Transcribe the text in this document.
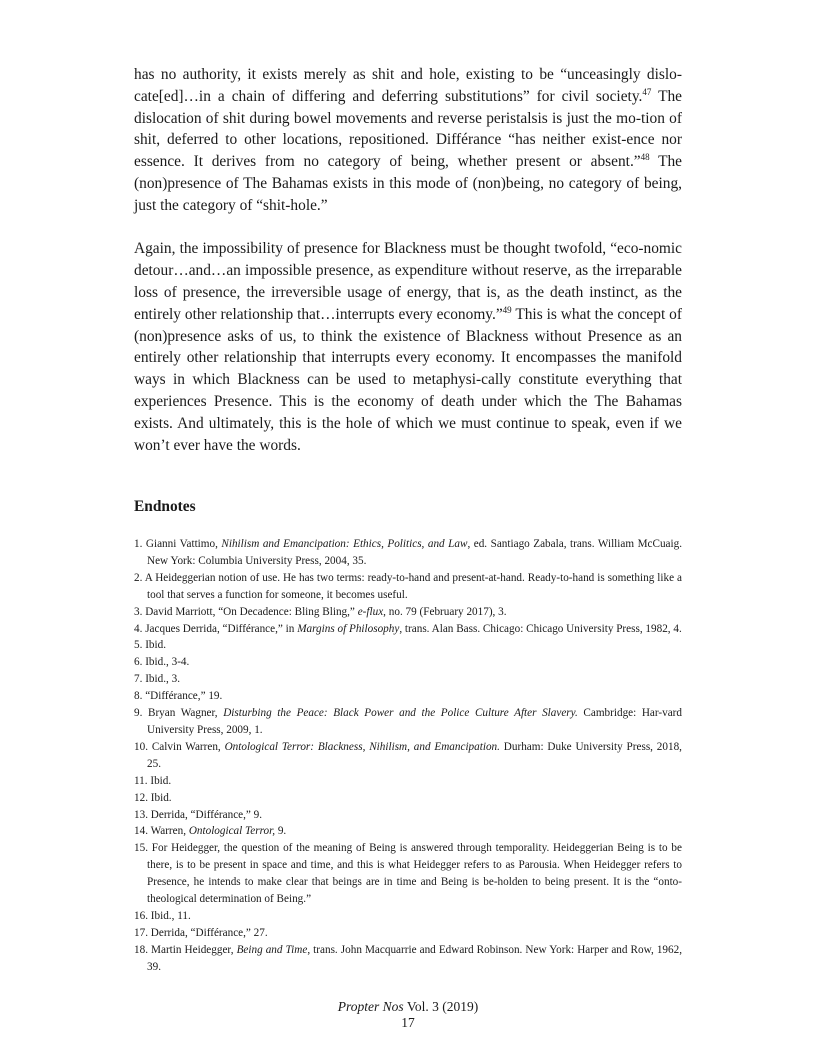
has no authority, it exists merely as shit and hole, existing to be “unceasingly dislo-cate[ed]…in a chain of differing and deferring substitutions” for civil society.$^{47}$ The dislocation of shit during bowel movements and reverse peristalsis is just the mo-tion of shit, deferred to other locations, repositioned. Différance “has neither exist-ence nor essence. It derives from no category of being, whether present or absent.”$^{48}$ The (non)presence of The Bahamas exists in this mode of (non)being, no category of being, just the category of “shit-hole.”

Again, the impossibility of presence for Blackness must be thought twofold, “eco-nomic detour…and…an impossible presence, as expenditure without reserve, as the irreparable loss of presence, the irreversible usage of energy, that is, as the death instinct, as the entirely other relationship that…interrupts every economy.”$^{49}$ This is what the concept of (non)presence asks of us, to think the existence of Blackness without Presence as an entirely other relationship that interrupts every economy. It encompasses the manifold ways in which Blackness can be used to metaphysi-cally constitute everything that experiences Presence. This is the economy of death under which the The Bahamas exists. And ultimately, this is the hole of which we must continue to speak, even if we won’t ever have the words.

Endnotes
1. Gianni Vattimo, Nihilism and Emancipation: Ethics, Politics, and Law, ed. Santiago Zabala, trans. William McCuaig. New York: Columbia University Press, 2004, 35.
2. A Heideggerian notion of use. He has two terms: ready-to-hand and present-at-hand. Ready-to-hand is something like a tool that serves a function for someone, it becomes useful.
3. David Marriott, “On Decadence: Bling Bling,” e-flux, no. 79 (February 2017), 3.
4. Jacques Derrida, “Différance,” in Margins of Philosophy, trans. Alan Bass. Chicago: Chicago University Press, 1982, 4.
5. Ibid.
6. Ibid., 3-4.
7. Ibid., 3.
8. “Différance,” 19.
9. Bryan Wagner, Disturbing the Peace: Black Power and the Police Culture After Slavery. Cambridge: Har-vard University Press, 2009, 1.
10. Calvin Warren, Ontological Terror: Blackness, Nihilism, and Emancipation. Durham: Duke University Press, 2018, 25.
11. Ibid.
12. Ibid.
13. Derrida, “Différance,” 9.
14. Warren, Ontological Terror, 9.
15. For Heidegger, the question of the meaning of Being is answered through temporality. Heideggerian Being is to be there, is to be present in space and time, and this is what Heidegger refers to as Parousia. When Heidegger refers to Presence, he intends to make clear that beings are in time and Being is be-holden to being present. It is the “onto-theological determination of Being.”
16. Ibid., 11.
17. Derrida, “Différance,” 27.
18. Martin Heidegger, Being and Time, trans. John Macquarrie and Edward Robinson. New York: Harper and Row, 1962, 39.
Propter Nos Vol. 3 (2019)
17
